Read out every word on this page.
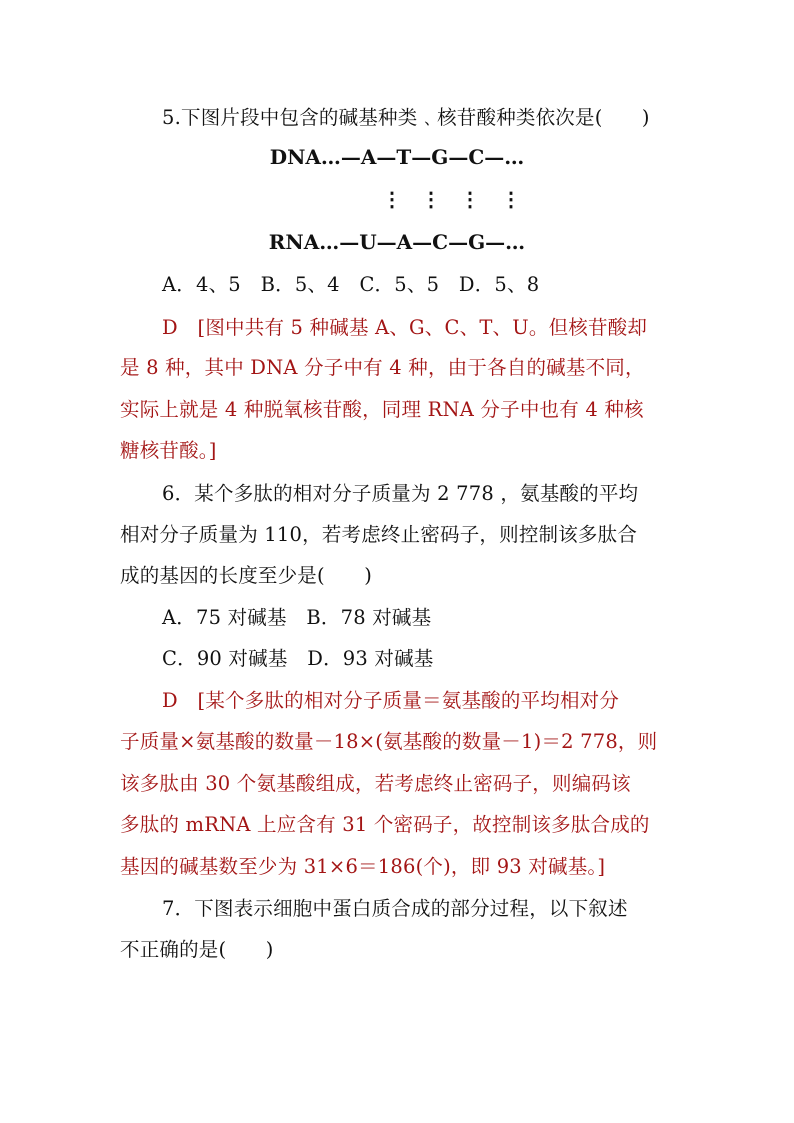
5.下图片段中包含的碱基种类﹑核苷酸种类依次是(　　)
DNA…—A—T—G—C—…
⋮ ⋮ ⋮ ⋮
RNA…—U—A—C—G—…
A．4、5　B．5、4　C．5、5　D．5、8
D　[图中共有 5 种碱基 A、G、C、T、U。但核苷酸却
是 8 种，其中 DNA 分子中有 4 种，由于各自的碱基不同，
实际上就是 4 种脱氧核苷酸，同理 RNA 分子中也有 4 种核
糖核苷酸。]
6．某个多肽的相对分子质量为 2 778 ，氨基酸的平均
相对分子质量为 110，若考虑终止密码子，则控制该多肽合
成的基因的长度至少是(　　)
A．75 对碱基　B．78 对碱基
C．90 对碱基　D．93 对碱基
D　[某个多肽的相对分子质量＝氨基酸的平均相对分
子质量×氨基酸的数量－18×(氨基酸的数量－1)＝2 778，则
该多肽由 30 个氨基酸组成，若考虑终止密码子，则编码该
多肽的 mRNA 上应含有 31 个密码子，故控制该多肽合成的
基因的碱基数至少为 31×6＝186(个)，即 93 对碱基。]
7．下图表示细胞中蛋白质合成的部分过程，以下叙述
不正确的是(　　)
